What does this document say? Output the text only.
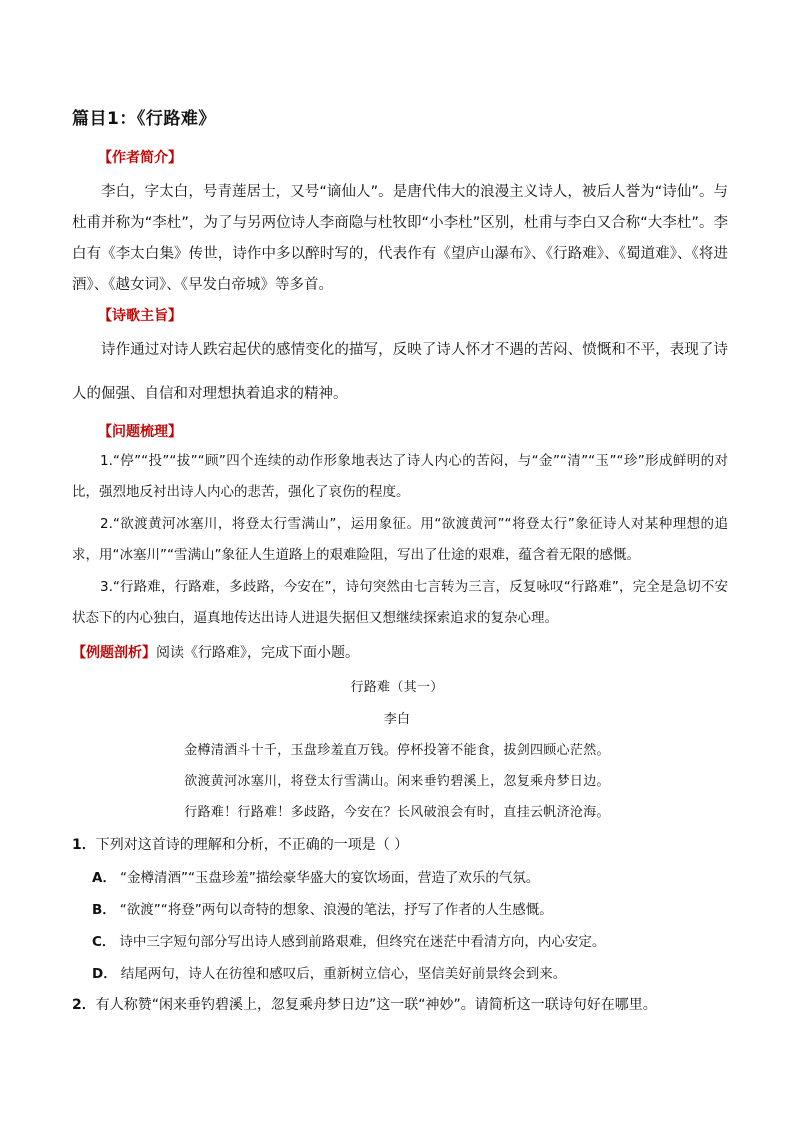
篇目1：《行路难》
【作者简介】
李白，字太白，号青莲居士，又号“谪仙人”。是唐代伟大的浪漫主义诗人，被后人誉为“诗仙”。与杜甫并称为“李杜”，为了与另两位诗人李商隐与杜牧即“小李杜”区别，杜甫与李白又合称“大李杜”。李白有《李太白集》传世，诗作中多以醉时写的，代表作有《望庐山瀑布》、《行路难》、《蜀道难》、《将进酒》、《越女词》、《早发白帝城》等多首。
【诗歌主旨】
诗作通过对诗人跌宕起伏的感情变化的描写，反映了诗人怀才不遇的苦闷、愤慨和不平，表现了诗人的倔强、自信和对理想执着追求的精神。
【问题梳理】
1.“停”“投”“拔”“顾”四个连续的动作形象地表达了诗人内心的苦闷，与“金”“清”“玉”“珍”形成鲜明的对比，强烈地反衬出诗人内心的悲苦，强化了哀伤的程度。
2.“欲渡黄河冰塞川，将登太行雪满山”，运用象征。用“欲渡黄河”“将登太行”象征诗人对某种理想的追求，用“冰塞川”“雪满山”象征人生道路上的艰难险阻，写出了仕途的艰难，蕴含着无限的感慨。
3.“行路难，行路难，多歧路，今安在”，诗句突然由七言转为三言，反复咏叹“行路难”，完全是急切不安状态下的内心独白，逼真地传达出诗人进退失据但又想继续探索追求的复杂心理。
【例题剖析】阅读《行路难》，完成下面小题。
行路难（其一）
李白
金樽清酒斗十千，玉盘珍羞直万钱。停杯投箸不能食，拔剑四顾心茫然。
欲渡黄河冰塞川，将登太行雪满山。闲来垂钓碧溪上，忽复乘舟梦日边。
行路难！行路难！多歧路，今安在？长风破浪会有时，直挂云帆济沧海。
1．下列对这首诗的理解和分析，不正确的一项是（ ）
A． “金樽清酒”“玉盘珍羞”描绘豪华盛大的宴饮场面，营造了欢乐的气氛。
B． “欲渡”“将登”两句以奇特的想象、浪漫的笔法，抒写了作者的人生感慨。
C． 诗中三字短句部分写出诗人感到前路艰难，但终究在迷茫中看清方向，内心安定。
D． 结尾两句，诗人在彷徨和感叹后，重新树立信心，坚信美好前景终会到来。
2．有人称赞“闲来垂钓碧溪上，忽复乘舟梦日边”这一联“神妙”。请简析这一联诗句好在哪里。
